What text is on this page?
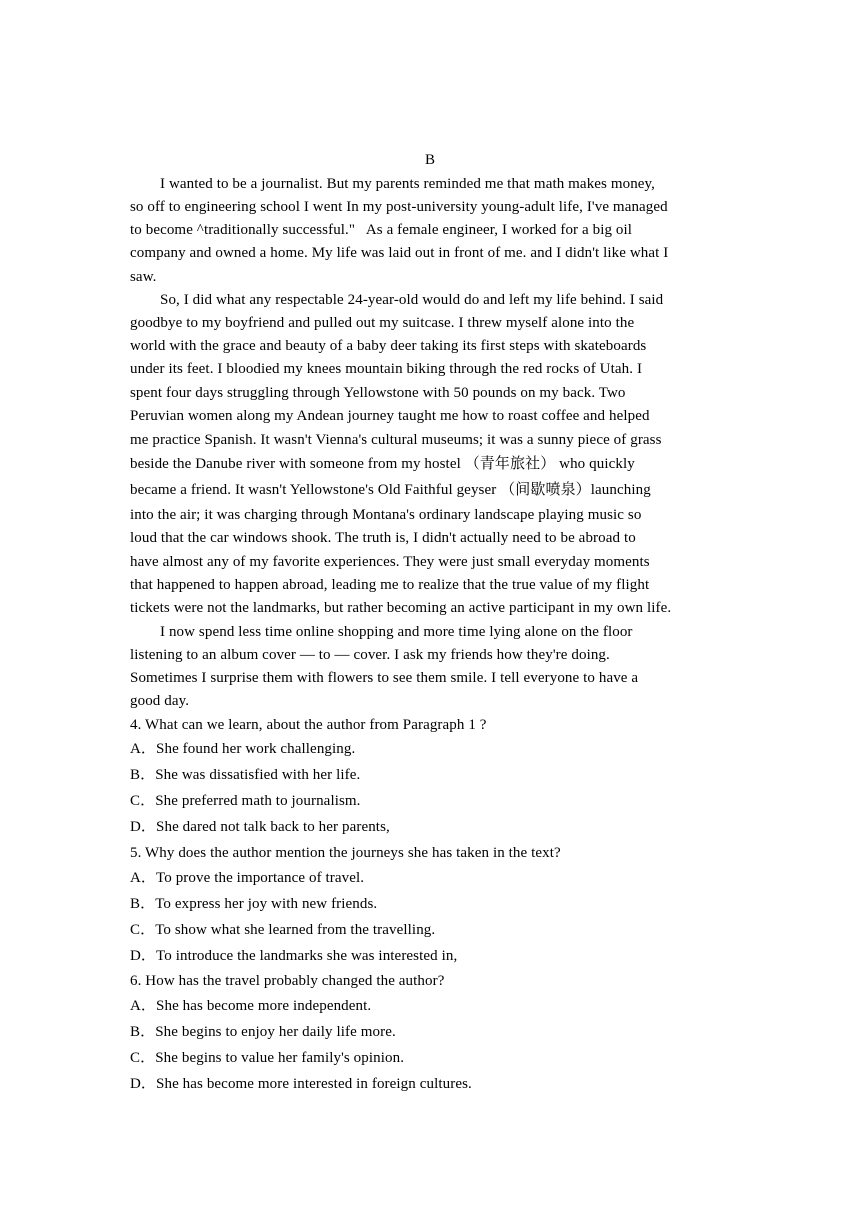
B
I wanted to be a journalist. But my parents reminded me that math makes money,
so off to engineering school I went In my post-university young-adult life, I've managed
to become ^traditionally successful."   As a female engineer, I worked for a big oil
company and owned a home. My life was laid out in front of me. and I didn't like what I
saw.
So, I did what any respectable 24-year-old would do and left my life behind. I said
goodbye to my boyfriend and pulled out my suitcase. I threw myself alone into the
world with the grace and beauty of a baby deer taking its first steps with skateboards
under its feet. I bloodied my knees mountain biking through the red rocks of Utah. I
spent four days struggling through Yellowstone with 50 pounds on my back. Two
Peruvian women along my Andean journey taught me how to roast coffee and helped
me practice Spanish. It wasn't Vienna's cultural museums; it was a sunny piece of grass
beside the Danube river with someone from my hostel （青年旅社） who quickly
became a friend. It wasn't Yellowstone's Old Faithful geyser （间歇喷泉）launching
into the air; it was charging through Montana's ordinary landscape playing music so
loud that the car windows shook. The truth is, I didn't actually need to be abroad to
have almost any of my favorite experiences. They were just small everyday moments
that happened to happen abroad, leading me to realize that the true value of my flight
tickets were not the landmarks, but rather becoming an active participant in my own life.
I now spend less time online shopping and more time lying alone on the floor
listening to an album cover — to — cover. I ask my friends how they're doing.
Sometimes I surprise them with flowers to see them smile. I tell everyone to have a
good day.
4. What can we learn, about the author from Paragraph 1 ?
A．She found her work challenging.
B．She was dissatisfied with her life.
C．She preferred math to journalism.
D．She dared not talk back to her parents,
5. Why does the author mention the journeys she has taken in the text?
A．To prove the importance of travel.
B．To express her joy with new friends.
C．To show what she learned from the travelling.
D．To introduce the landmarks she was interested in,
6. How has the travel probably changed the author?
A．She has become more independent.
B．She begins to enjoy her daily life more.
C．She begins to value her family's opinion.
D．She has become more interested in foreign cultures.
